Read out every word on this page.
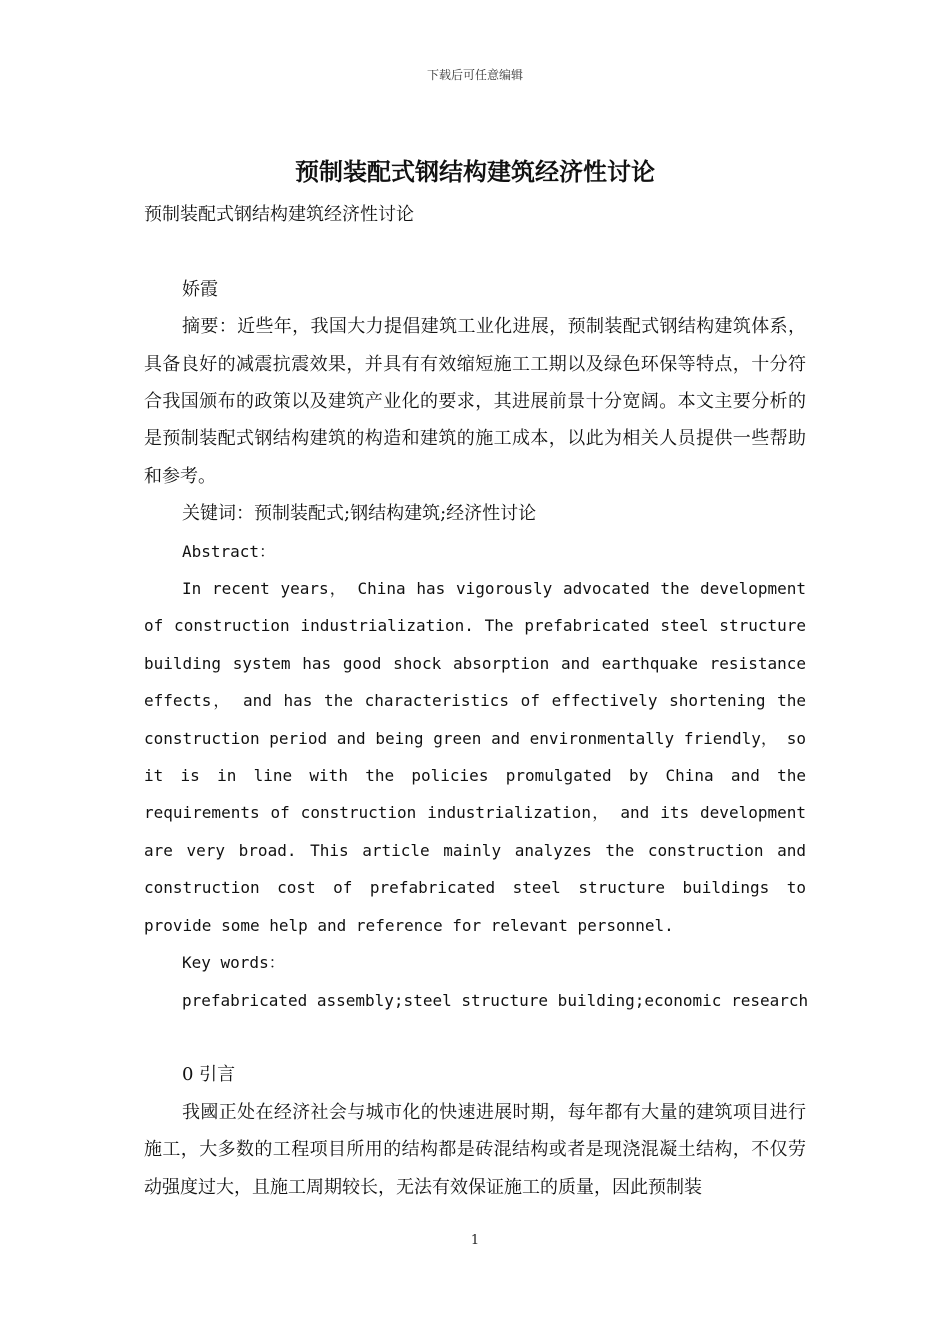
下载后可任意编辑
预制装配式钢结构建筑经济性讨论

预制装配式钢结构建筑经济性讨论

娇霞

摘要：近些年，我国大力提倡建筑工业化进展，预制装配式钢结构建筑体系，具备良好的减震抗震效果，并具有有效缩短施工工期以及绿色环保等特点，十分符合我国颁布的政策以及建筑产业化的要求，其进展前景十分宽阔。本文主要分析的是预制装配式钢结构建筑的构造和建筑的施工成本，以此为相关人员提供一些帮助和参考。

关键词：预制装配式;钢结构建筑;经济性讨论

Abstract：

In recent years， China has vigorously advocated the development of construction industrialization. The prefabricated steel structure building system has good shock absorption and earthquake resistance effects， and has the characteristics of effectively shortening the construction period and being green and environmentally friendly， so it is in line with the policies promulgated by China and the requirements of construction industrialization， and its development are very broad. This article mainly analyzes the construction and construction cost of prefabricated steel structure buildings to provide some help and reference for relevant personnel.

Key words：

prefabricated assembly;steel structure building;economic research

0 引言

我國正处在经济社会与城市化的快速进展时期，每年都有大量的建筑项目进行施工，大多数的工程项目所用的结构都是砖混结构或者是现浇混凝土结构，不仅劳动强度过大，且施工周期较长，无法有效保证施工的质量，因此预制装

1
